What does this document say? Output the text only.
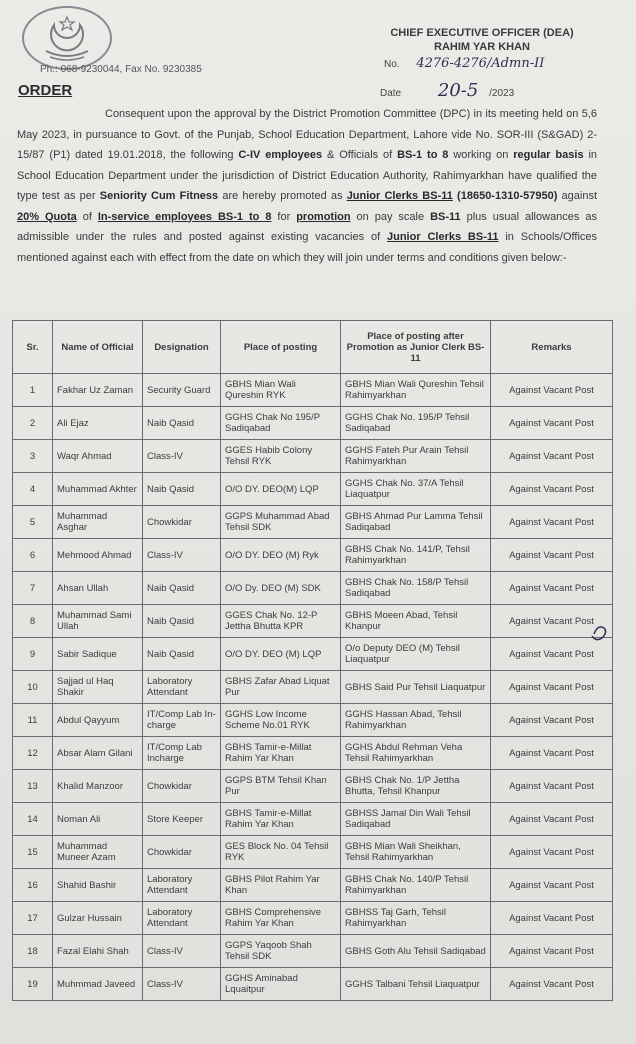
CHIEF EXECUTIVE OFFICER (DEA)
RAHIM YAR KHAN
Ph.: 068-9230044, Fax No. 9230385	No. 4276-4276/Admn-II
Date 20-5 /2023
ORDER

Consequent upon the approval by the District Promotion Committee (DPC) in its meeting held on 5,6 May 2023, in pursuance to Govt. of the Punjab, School Education Department, Lahore vide No. SOR-III (S&GAD) 2-15/87 (P1) dated 19.01.2018, the following C-IV employees & Officials of BS-1 to 8 working on regular basis in School Education Department under the jurisdiction of District Education Authority, Rahimyarkhan have qualified the type test as per Seniority Cum Fitness are hereby promoted as Junior Clerks BS-11 (18650-1310-57950) against 20% Quota of In-service employees BS-1 to 8 for promotion on pay scale BS-11 plus usual allowances as admissible under the rules and posted against existing vacancies of Junior Clerks BS-11 in Schools/Offices mentioned against each with effect from the date on which they will join under terms and conditions given below:-

Sr.	Name of Official	Designation	Place of posting	Place of posting after Promotion as Junior Clerk BS-11	Remarks
1	Fakhar Uz Zaman	Security Guard	GBHS Mian Wali Qureshin RYK	GBHS Mian Wali Qureshin Tehsil Rahimyarkhan	Against Vacant Post
2	Ali Ejaz	Naib Qasid	GGHS Chak No 195/P Sadiqabad	GGHS Chak No. 195/P Tehsil Sadiqabad	Against Vacant Post
3	Waqr Ahmad	Class-IV	GGES Habib Colony Tehsil RYK	GGHS Fateh Pur Arain Tehsil Rahimyarkhan	Against Vacant Post
4	Muhammad Akhter	Naib Qasid	O/O DY. DEO(M) LQP	GGHS Chak No. 37/A Tehsil Liaquatpur	Against Vacant Post
5	Muhammad Asghar	Chowkidar	GGPS Muhammad Abad Tehsil SDK	GBHS Ahmad Pur Lamma Tehsil Sadiqabad	Against Vacant Post
6	Mehmood Ahmad	Class-IV	O/O DY. DEO (M) Ryk	GBHS Chak No. 141/P, Tehsil Rahimyarkhan	Against Vacant Post
7	Ahsan Ullah	Naib Qasid	O/O Dy. DEO (M) SDK	GBHS Chak No. 158/P Tehsil Sadiqabad	Against Vacant Post
8	Muhammad Sami Ullah	Naib Qasid	GGES Chak No. 12-P Jettha Bhutta KPR	GBHS Moeen Abad, Tehsil Khanpur	Against Vacant Post
9	Sabir Sadique	Naib Qasid	O/O DY. DEO (M) LQP	O/o Deputy DEO (M) Tehsil Liaquatpur	Against Vacant Post
10	Sajjad ul Haq Shakir	Laboratory Attendant	GBHS Zafar Abad Liquat Pur	GBHS Said Pur Tehsil Liaquatpur	Against Vacant Post
11	Abdul Qayyum	IT/Comp Lab In-charge	GGHS Low Income Scheme No.01 RYK	GGHS Hassan Abad, Tehsil Rahimyarkhan	Against Vacant Post
12	Absar Alam Gilani	IT/Comp Lab Incharge	GBHS Tamir-e-Millat Rahim Yar Khan	GGHS Abdul Rehman Veha Tehsil Rahimyarkhan	Against Vacant Post
13	Khalid Manzoor	Chowkidar	GGPS BTM Tehsil Khan Pur	GBHS Chak No. 1/P Jettha Bhutta, Tehsil Khanpur	Against Vacant Post
14	Noman Ali	Store Keeper	GBHS Tamir-e-Millat Rahim Yar Khan	GBHSS Jamal Din Wali Tehsil Sadiqabad	Against Vacant Post
15	Muhammad Muneer Azam	Chowkidar	GES Block No. 04 Tehsil RYK	GBHS Mian Wali Sheikhan, Tehsil Rahimyarkhan	Against Vacant Post
16	Shahid Bashir	Laboratory Attendant	GBHS Pilot Rahim Yar Khan	GBHS Chak No. 140/P Tehsil Rahimyarkhan	Against Vacant Post
17	Gulzar Hussain	Laboratory Attendant	GBHS Comprehensive Rahim Yar Khan	GBHSS Taj Garh, Tehsil Rahimyarkhan	Against Vacant Post
18	Fazal Elahi Shah	Class-IV	GGPS Yaqoob Shah Tehsil SDK	GBHS Goth Alu Tehsil Sadiqabad	Against Vacant Post
19	Muhmmad Javeed	Class-IV	GGHS Aminabad Lquaitpur	GGHS Talbani Tehsil Liaquatpur	Against Vacant Post
